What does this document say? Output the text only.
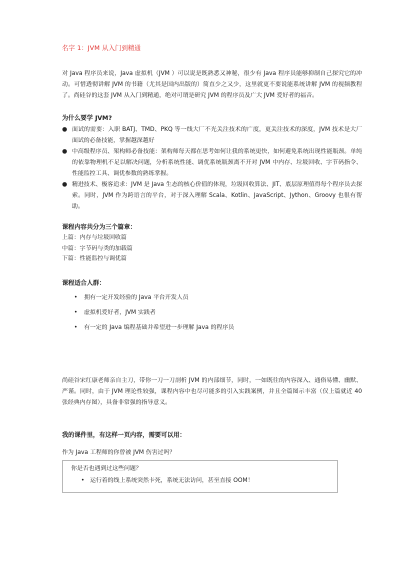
名字 1：JVM 从入门到精通

对 Java 程序员来说，Java 虚拟机（JVM ）可以说是既熟悉又神秘，很少有 Java 程序员能够抑制自己探究它的冲动。可惜透彻讲解 JVM 的书籍（尤其是国内出版的）简直少之又少，这里就更不要说能系统讲解 JVM 的视频教程了。尚硅谷的这套 JVM 从入门到精通，绝对可谓是研究 JVM 的程序员及广大 JVM 爱好者的福音。

为什么要学 JVM?

● 面试的需要：入职 BATJ、TMD、PKQ 等一线大厂不光关注技术的广度，更关注技术的深度，JVM 技术是大厂面试的必备技能，掌握越深越好
● 中高级程序员、架构师必备技能：架构师每天都在思考如何让我的系统更快，如何避免系统出现性能瓶颈。单纯的依靠物理机不足以解决问题，分析系统性能、调优系统瓶颈离不开对 JVM 中内存、垃圾回收、字节码指令、性能监控工具、调优参数的熟练掌握。
● 精进技术、极客追求：JVM 是 Java 生态的核心价值的体现，垃圾回收算法、JIT、底层原理值得每个程序员去探索。同时，JVM 作为跨语言的平台，对于深入理解 Scala、Kotlin、JavaScript、Jython、Groovy 也很有帮助。

课程内容共分为三个篇章：

上篇：内存与垃圾回收篇

中篇：字节码与类的加载篇

下篇：性能监控与调优篇

课程适合人群：

• 拥有一定开发经验的 Java 平台开发人员
• 虚拟机爱好者，JVM 实践者
• 有一定的 Java 编程基础并希望进一步理解 Java 的程序员

尚硅谷宋红康老师亲自主刀，带你一刀一刀剖析 JVM 的内部细节，同时，一如既往的内容深入、通俗易懂、幽默、严谨。同时，由于 JVM 理论性较强，课程内容中也尽可能多的引入实践案例，并且全篇图示丰富（仅上篇就近 40 张经典内存图），具备非常强的指导意义。

我的课件里，有这样一页内容，需要可以用：

作为 Java 工程师的你曾被 JVM 伤害过吗？

你是否也遇到过这些问题？

• 运行着的线上系统突然卡死，系统无法访问，甚至直接 OOM！
